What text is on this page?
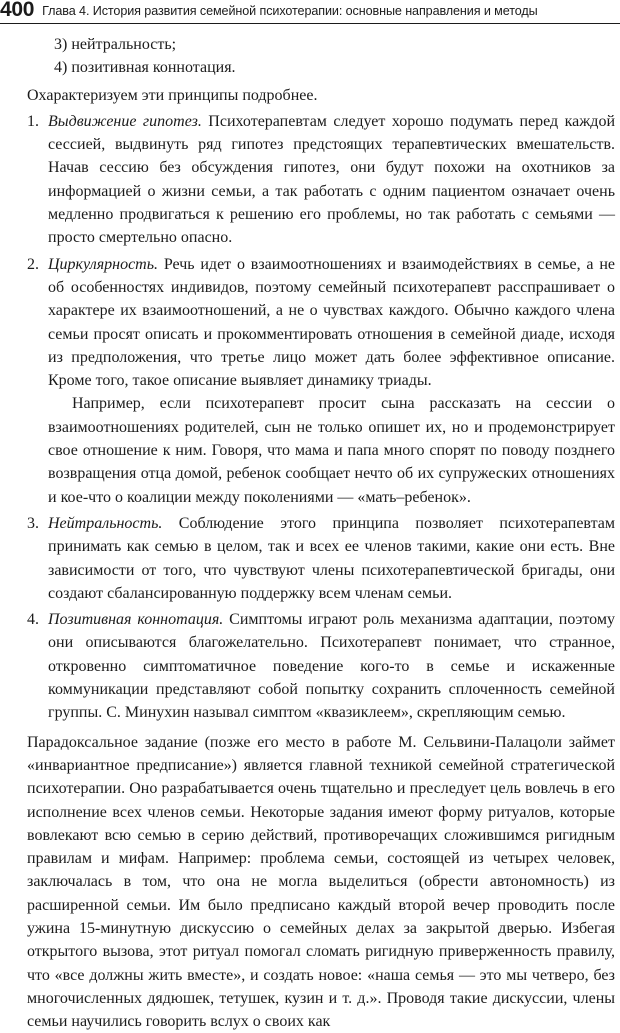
400 Глава 4. История развития семейной психотерапии: основные направления и методы

3) нейтральность;

4) позитивная коннотация.

Охарактеризуем эти принципы подробнее.

1. Выдвижение гипотез. Психотерапевтам следует хорошо подумать перед каждой сессией, выдвинуть ряд гипотез предстоящих терапевтических вмешательств. Начав сессию без обсуждения гипотез, они будут похожи на охотников за информацией о жизни семьи, а так работать с одним пациентом означает очень медленно продвигаться к решению его проблемы, но так работать с семьями — просто смертельно опасно.

2. Циркулярность. Речь идет о взаимоотношениях и взаимодействиях в семье, а не об особенностях индивидов, поэтому семейный психотерапевт расспрашивает о характере их взаимоотношений, а не о чувствах каждого. Обычно каждого члена семьи просят описать и прокомментировать отношения в семейной диаде, исходя из предположения, что третье лицо может дать более эффективное описание. Кроме того, такое описание выявляет динамику триады.

Например, если психотерапевт просит сына рассказать на сессии о взаимоотношениях родителей, сын не только опишет их, но и продемонстрирует свое отношение к ним. Говоря, что мама и папа много спорят по поводу позднего возвращения отца домой, ребенок сообщает нечто об их супружеских отношениях и кое-что о коалиции между поколениями — «мать–ребенок».

3. Нейтральность. Соблюдение этого принципа позволяет психотерапевтам принимать как семью в целом, так и всех ее членов такими, какие они есть. Вне зависимости от того, что чувствуют члены психотерапевтической бригады, они создают сбалансированную поддержку всем членам семьи.

4. Позитивная коннотация. Симптомы играют роль механизма адаптации, поэтому они описываются благожелательно. Психотерапевт понимает, что странное, откровенно симптоматичное поведение кого-то в семье и искаженные коммуникации представляют собой попытку сохранить сплоченность семейной группы. С. Минухин называл симптом «квазиклеем», скрепляющим семью.

Парадоксальное задание (позже его место в работе М. Сельвини-Палацоли займет «инвариантное предписание») является главной техникой семейной стратегической психотерапии. Оно разрабатывается очень тщательно и преследует цель вовлечь в его исполнение всех членов семьи. Некоторые задания имеют форму ритуалов, которые вовлекают всю семью в серию действий, противоречащих сложившимся ригидным правилам и мифам. Например: проблема семьи, состоящей из четырех человек, заключалась в том, что она не могла выделиться (обрести автономность) из расширенной семьи. Им было предписано каждый второй вечер проводить после ужина 15-минутную дискуссию о семейных делах за закрытой дверью. Избегая открытого вызова, этот ритуал помогал сломать ригидную приверженность правилу, что «все должны жить вместе», и создать новое: «наша семья — это мы четверо, без многочисленных дядюшек, тетушек, кузин и т. д.». Проводя такие дискуссии, члены семьи научились говорить вслух о своих как
